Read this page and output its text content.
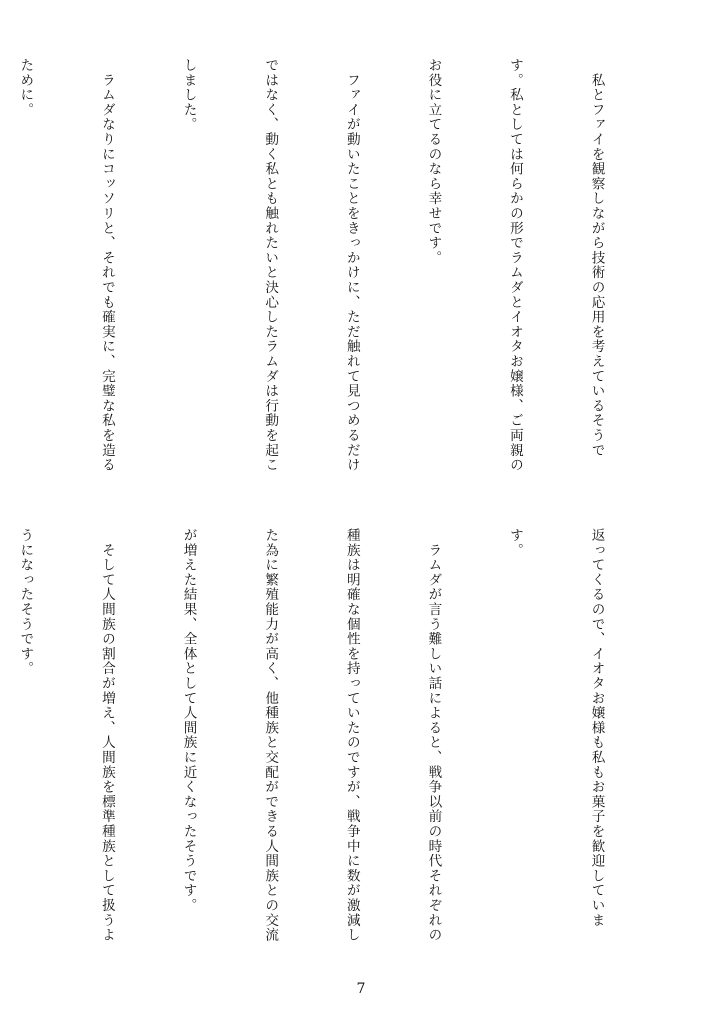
　私とファイを観察しながら技術の応用を考えているそうで

す。私としては何らかの形でラムダとイオタお嬢様、ご両親の

お役に立てるのなら幸せです。

　ファイが動いたことをきっかけに、ただ触れて見つめるだけ

ではなく、動く私とも触れたいと決心したラムダは行動を起こ

しました。

　ラムダなりにコッソリと、それでも確実に、完璧な私を造る

ために。

返ってくるので、イオタお嬢様も私もお菓子を歓迎していま

す。

　ラムダが言う難しい話によると、戦争以前の時代それぞれの

種族は明確な個性を持っていたのですが、戦争中に数が激減し

た為に繁殖能力が高く、他種族と交配ができる人間族との交流

が増えた結果、全体として人間族に近くなったそうです。

　そして人間族の割合が増え、人間族を標準種族として扱うよ

うになったそうです。

7
